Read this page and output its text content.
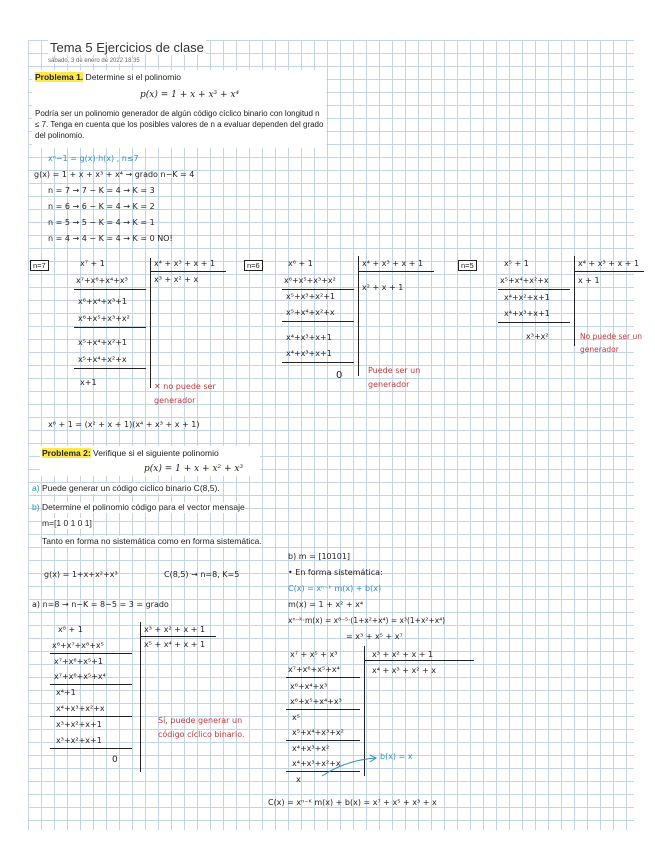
Tema 5 Ejercicios de clase
sábado, 3 de enero de 2022 18:35
Problema 1. Determine si el polinomio
p(x) = 1 + x + x³ + x⁴
Podría ser un polinomio generador de algún código cíclico binario con longitud n ≤ 7. Tenga en cuenta que los posibles valores de n a evaluar dependen del grado del polinomio.
xⁿ−1 = g(x)·h(x) , n≤7
g(x) = 1 + x + x³ + x⁴ → grado n−K = 4
n = 7 → 7 − K = 4 → K = 3
n = 6 → 6 − K = 4 → K = 2
n = 5 → 5 − K = 4 → K = 1
n = 4 → 4 − K = 4 → K = 0 NO!
n=7	x⁷ + 1	x⁴ + x³ + x + 1
x³ + x² + x
x⁷+x⁶+x⁴+x³
x⁶+x⁴+x³+1
x⁶+x⁵+x³+x²
x⁵+x⁴+x²+1
x⁵+x⁴+x²+x
x+1	✕ no puede ser generador
n=6	x⁶ + 1	x⁴ + x³ + x + 1
x² + x + 1
x⁶+x⁵+x³+x²
x⁵+x³+x²+1
x⁵+x⁴+x²+x
x⁴+x³+x+1
x⁴+x³+x+1
0	Puede ser un generador
n=5	x⁵ + 1	x⁴ + x³ + x + 1
x + 1
x⁵+x⁴+x²+x
x⁴+x²+x+1
x⁴+x³+x+1
x³+x²	No puede ser un generador
x⁶ + 1 = (x² + x + 1)(x⁴ + x³ + x + 1)
Problema 2: Verifique si el siguiente polinomio
p(x) = 1 + x + x² + x³
a) Puede generar un código cíclico binario C(8,5).
b) Determine el polinomio código para el vector mensaje
m=[1 0 1 0 1]
Tanto en forma no sistemática como en forma sistemática.
g(x) = 1+x+x²+x³	C(8,5) → n=8, K=5
a) n=8 → n−K = 8−5 = 3 = grado
x⁸ + 1	x³ + x² + x + 1
x⁵ + x⁴ + x + 1
x⁸+x⁷+x⁶+x⁵
x⁷+x⁶+x⁵+1
x⁷+x⁶+x⁵+x⁴
x⁴+1
x⁴+x³+x²+x
x³+x²+x+1
x³+x²+x+1
0
Sí, puede generar un código cíclico binario.
b) m = [10101]
• En forma sistemática:
C(x) = xⁿ⁻ᵏ m(x) + b(x)
m(x) = 1 + x² + x⁴
xⁿ⁻ᵏ·m(x) = x⁸⁻⁵·(1+x²+x⁴) = x³(1+x²+x⁴)
= x³ + x⁵ + x⁷
x⁷ + x⁵ + x³	x³ + x² + x + 1
x⁴ + x³ + x² + x
x⁷+x⁶+x⁵+x⁴
x⁶+x⁴+x³
x⁶+x⁵+x⁴+x³
x⁵
x⁵+x⁴+x³+x²
x⁴+x³+x²
x⁴+x³+x²+x
x
b(x) = x
C(x) = xⁿ⁻ᴷ m(x) + b(x) = x⁷ + x⁵ + x³ + x
